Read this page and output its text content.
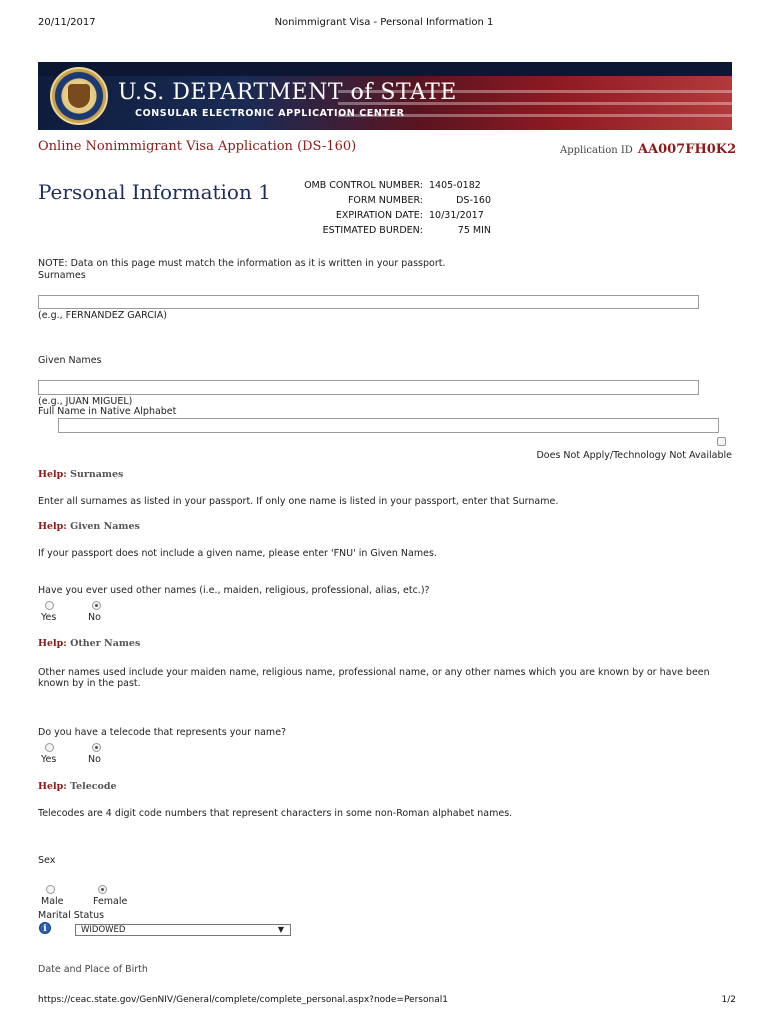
20/11/2017	Nonimmigrant Visa - Personal Information 1
U.S. DEPARTMENT of STATE
CONSULAR ELECTRONIC APPLICATION CENTER
Online Nonimmigrant Visa Application (DS-160)	Application ID AA007FH0K2
Personal Information 1	OMB CONTROL NUMBER: 1405-0182
FORM NUMBER:	DS-160
EXPIRATION DATE: 10/31/2017
ESTIMATED BURDEN:	75 MIN
NOTE: Data on this page must match the information as it is written in your passport.
Surnames
(e.g., FERNANDEZ GARCIA)
Given Names
(e.g., JUAN MIGUEL)
Full Name in Native Alphabet
Does Not Apply/Technology Not Available
Help: Surnames
Enter all surnames as listed in your passport. If only one name is listed in your passport, enter that Surname.
Help: Given Names
If your passport does not include a given name, please enter 'FNU' in Given Names.
Have you ever used other names (i.e., maiden, religious, professional, alias, etc.)?
Yes	No
Help: Other Names
Other names used include your maiden name, religious name, professional name, or any other names which you are known by or have been known by in the past.
Do you have a telecode that represents your name?
Yes	No
Help: Telecode
Telecodes are 4 digit code numbers that represent characters in some non-Roman alphabet names.
Sex
Male	Female
Marital Status
i	WIDOWED	▼
Date and Place of Birth
https://ceac.state.gov/GenNIV/General/complete/complete_personal.aspx?node=Personal1	1/2
